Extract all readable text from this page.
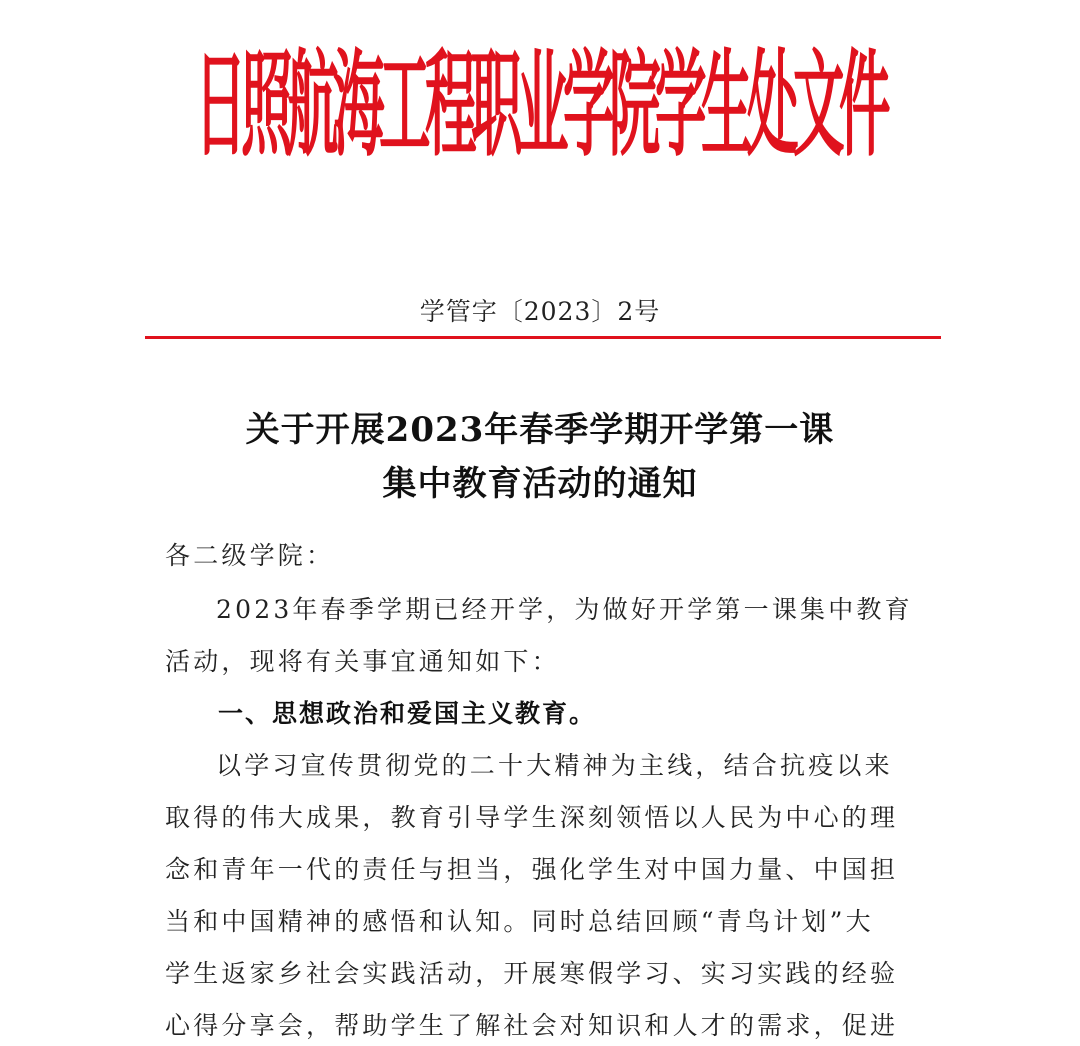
日照航海工程职业学院学生处文件
学管字〔2023〕2号
关于开展2023年春季学期开学第一课
集中教育活动的通知
各二级学院：
2023年春季学期已经开学，为做好开学第一课集中教育
活动，现将有关事宜通知如下：
一、思想政治和爱国主义教育。
以学习宣传贯彻党的二十大精神为主线，结合抗疫以来
取得的伟大成果，教育引导学生深刻领悟以人民为中心的理
念和青年一代的责任与担当，强化学生对中国力量、中国担
当和中国精神的感悟和认知。同时总结回顾“青鸟计划”大
学生返家乡社会实践活动，开展寒假学习、实习实践的经验
心得分享会，帮助学生了解社会对知识和人才的需求，促进
